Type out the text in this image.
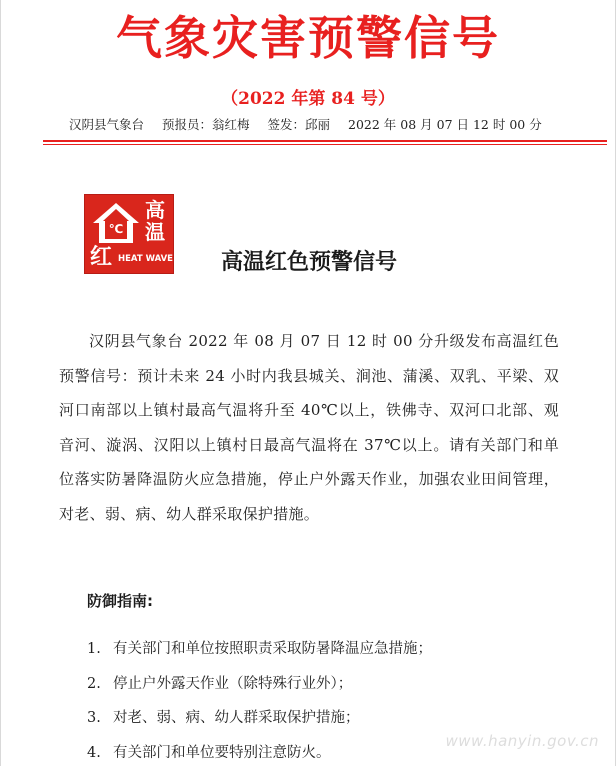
气象灾害预警信号
（2022 年第 84 号）
汉阴县气象台 预报员：翁红梅 签发：邱丽 2022 年 08 月 07 日 12 时 00 分
℃
高
温
红 HEAT WAVE 高温红色预警信号
汉阴县气象台 2022 年 08 月 07 日 12 时 00 分升级发布高温红色预警信号：预计未来 24 小时内我县城关、涧池、蒲溪、双乳、平梁、双河口南部以上镇村最高气温将升至 40℃以上，铁佛寺、双河口北部、观音河、漩涡、汉阳以上镇村日最高气温将在 37℃以上。请有关部门和单位落实防暑降温防火应急措施，停止户外露天作业，加强农业田间管理，对老、弱、病、幼人群采取保护措施。
防御指南:
1. 有关部门和单位按照职责采取防暑降温应急措施；
2. 停止户外露天作业（除特殊行业外）；
3. 对老、弱、病、幼人群采取保护措施；
4. 有关部门和单位要特别注意防火。
www.hanyin.gov.cn
